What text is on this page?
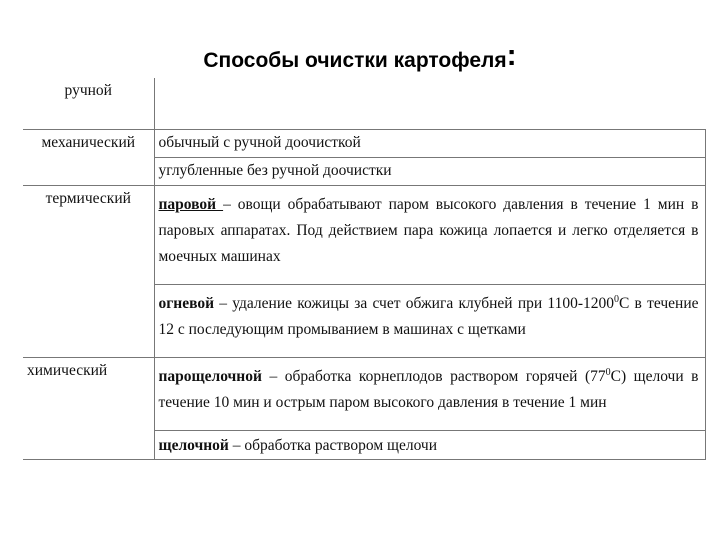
Способы очистки картофеля:
ручной	
механический	обычный с ручной доочисткой
	углубленные без ручной доочистки
термический	паровой – овощи обрабатывают паром высокого давления в течение 1 мин в паровых аппаратах. Под действием пара кожица лопается и легко отделяется в моечных машинах
	огневой – удаление кожицы за счет обжига клубней при 1100-1200$^0$С в течение 12 с последующим промыванием в машинах с щетками
химический	парощелочной – обработка корнеплодов раствором горячей $(77^0С)$ щелочи в течение 10 мин и острым паром высокого давления в течение 1 мин
	щелочной – обработка раствором щелочи
